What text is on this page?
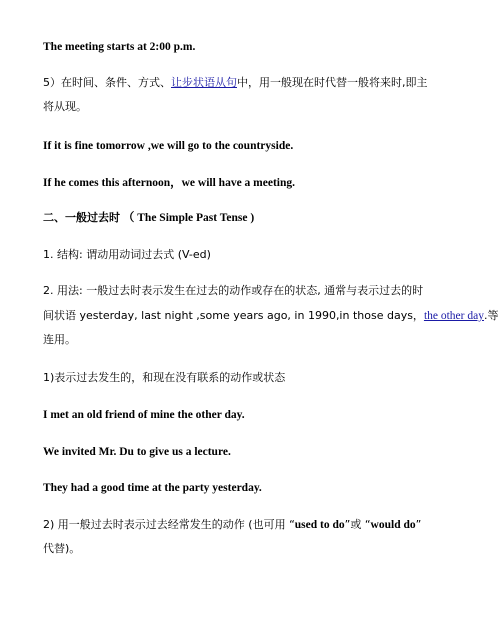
The meeting starts at 2:00 p.m.
5）在时间、条件、方式、让步状语从句中，用一般现在时代替一般将来时,即主
将从现。
If it is fine tomorrow ,we will go to the countryside.
If he comes this afternoon，we will have a meeting.
二、一般过去时 （ The Simple Past Tense )
1. 结构: 谓动用动词过去式 (V-ed)
2. 用法: 一般过去时表示发生在过去的动作或存在的状态, 通常与表示过去的时
间状语 yesterday, last night ,some years ago, in 1990,in those days，the other day.等
连用。
1)表示过去发生的，和现在没有联系的动作或状态
I met an old friend of mine the other day.
We invited Mr. Du to give us a lecture.
They had a good time at the party yesterday.
2) 用一般过去时表示过去经常发生的动作 (也可用 “used to do”或 “would do”
代替)。
